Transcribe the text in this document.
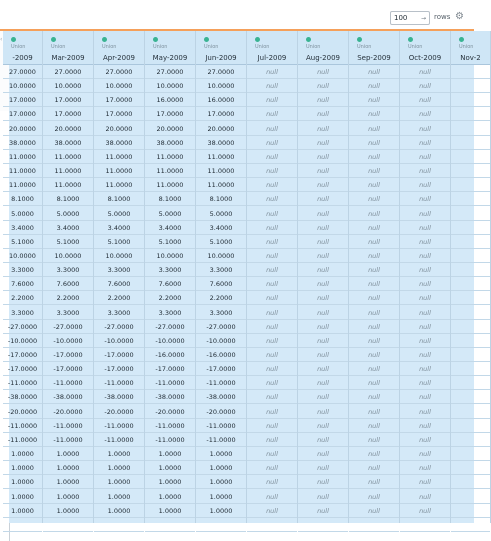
100 → rows ⚙
‹
Union
-2009
27.0000
10.0000
17.0000
17.0000
20.0000
38.0000
11.0000
11.0000
11.0000
8.1000
5.0000
3.4000
5.1000
10.0000
3.3000
7.6000
2.2000
3.3000
-27.0000
-10.0000
-17.0000
-17.0000
-11.0000
-38.0000
-20.0000
-11.0000
-11.0000
1.0000
1.0000
1.0000
1.0000
1.0000
Union
Mar-2009
27.0000
10.0000
17.0000
17.0000
20.0000
38.0000
11.0000
11.0000
11.0000
8.1000
5.0000
3.4000
5.1000
10.0000
3.3000
7.6000
2.2000
3.3000
-27.0000
-10.0000
-17.0000
-17.0000
-11.0000
-38.0000
-20.0000
-11.0000
-11.0000
1.0000
1.0000
1.0000
1.0000
1.0000
Union
Apr-2009
27.0000
10.0000
17.0000
17.0000
20.0000
38.0000
11.0000
11.0000
11.0000
8.1000
5.0000
3.4000
5.1000
10.0000
3.3000
7.6000
2.2000
3.3000
-27.0000
-10.0000
-17.0000
-17.0000
-11.0000
-38.0000
-20.0000
-11.0000
-11.0000
1.0000
1.0000
1.0000
1.0000
1.0000
Union
May-2009
27.0000
10.0000
16.0000
17.0000
20.0000
38.0000
11.0000
11.0000
11.0000
8.1000
5.0000
3.4000
5.1000
10.0000
3.3000
7.6000
2.2000
3.3000
-27.0000
-10.0000
-16.0000
-17.0000
-11.0000
-38.0000
-20.0000
-11.0000
-11.0000
1.0000
1.0000
1.0000
1.0000
1.0000
Union
Jun-2009
27.0000
10.0000
16.0000
17.0000
20.0000
38.0000
11.0000
11.0000
11.0000
8.1000
5.0000
3.4000
5.1000
10.0000
3.3000
7.6000
2.2000
3.3000
-27.0000
-10.0000
-16.0000
-17.0000
-11.0000
-38.0000
-20.0000
-11.0000
-11.0000
1.0000
1.0000
1.0000
1.0000
1.0000
Union
Jul-2009
null
null
null
null
null
null
null
null
null
null
null
null
null
null
null
null
null
null
null
null
null
null
null
null
null
null
null
null
null
null
null
null
Union
Aug-2009
null
null
null
null
null
null
null
null
null
null
null
null
null
null
null
null
null
null
null
null
null
null
null
null
null
null
null
null
null
null
null
null
Union
Sep-2009
null
null
null
null
null
null
null
null
null
null
null
null
null
null
null
null
null
null
null
null
null
null
null
null
null
null
null
null
null
null
null
null
Union
Oct-2009
null
null
null
null
null
null
null
null
null
null
null
null
null
null
null
null
null
null
null
null
null
null
null
null
null
null
null
null
null
null
null
null
Union
Nov-2
